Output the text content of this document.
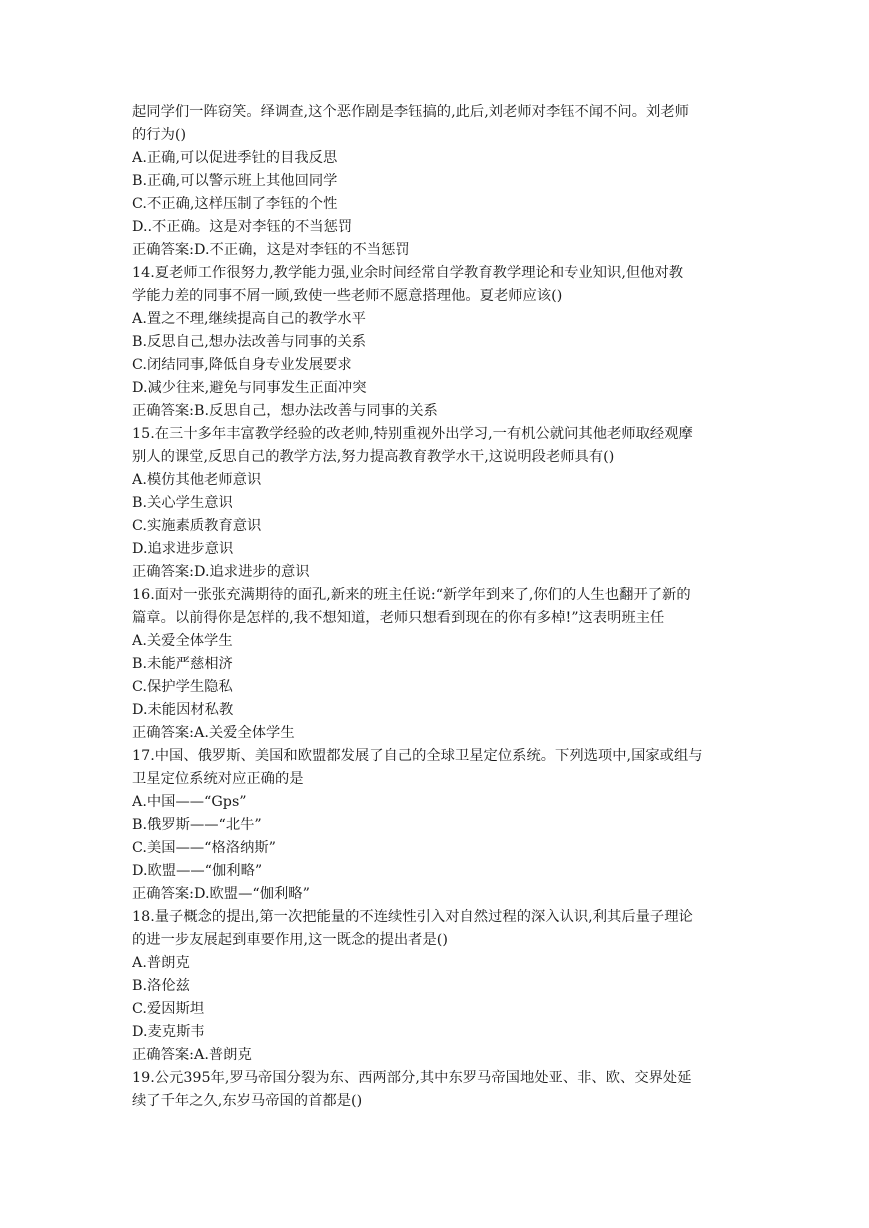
起同学们一阵窃笑。绎调查,这个恶作剧是李钰搞的,此后,刘老师对李钰不闻不问。刘老师
的行为()
A.正确,可以促进季钍的目我反思
B.正确,可以警示班上其他回同学
C.不正确,这样压制了李钰的个性
D..不正确。这是对李钰的不当惩罚
正确答案:D.不正确，这是对李钰的不当惩罚
14.夏老师工作很努力,教学能力强,业余时间经常自学教育教学理论和专业知识,但他对教
学能力差的同事不屑一顾,致使一些老师不愿意搭理他。夏老师应该()
A.置之不理,继续提高自己的教学水平
B.反思自己,想办法改善与同事的关系
C.闭结同事,降低自身专业发展要求
D.减少往来,避免与同事发生正面冲突
正确答案:B.反思自己，想办法改善与同事的关系
15.在三十多年丰富教学经验的改老帅,特别重视外出学习,一有机公就问其他老师取经观摩
别人的课堂,反思自己的教学方法,努力提高教育教学水干,这说明段老师具有()
A.模仿其他老师意识
B.关心学生意识
C.实施素质教育意识
D.追求进步意识
正确答案:D.追求进步的意识
16.面对一张张充满期待的面孔,新来的班主任说:“新学年到来了,你们的人生也翻开了新的
篇章。以前得你是怎样的,我不想知道，老师只想看到现在的你有多棹!”这表明班主任
A.关爱全体学生
B.未能严慈相济
C.保护学生隐私
D.未能因材私教
正确答案:A.关爱全体学生
17.中国、俄罗斯、美国和欧盟都发展了自己的全球卫星定位系统。下列选项中,国家或组与
卫星定位系统对应正确的是
A.中国——“Gps”
B.俄罗斯——“北牛”
C.美国——“格洛纳斯”
D.欧盟——“伽利略”
正确答案:D.欧盟—“伽利略”
18.量子概念的提出,第一次把能量的不连续性引入对自然过程的深入认识,利其后量子理论
的进一步友展起到車要作用,这一既念的提出者是()
A.普朗克
B.洛伦兹
C.爱因斯坦
D.麦克斯韦
正确答案:A.普朗克
19.公元395年,罗马帝国分裂为东、西两部分,其中东罗马帝国地处亚、非、欧、交界处延
续了千年之久,东岁马帝国的首都是()
